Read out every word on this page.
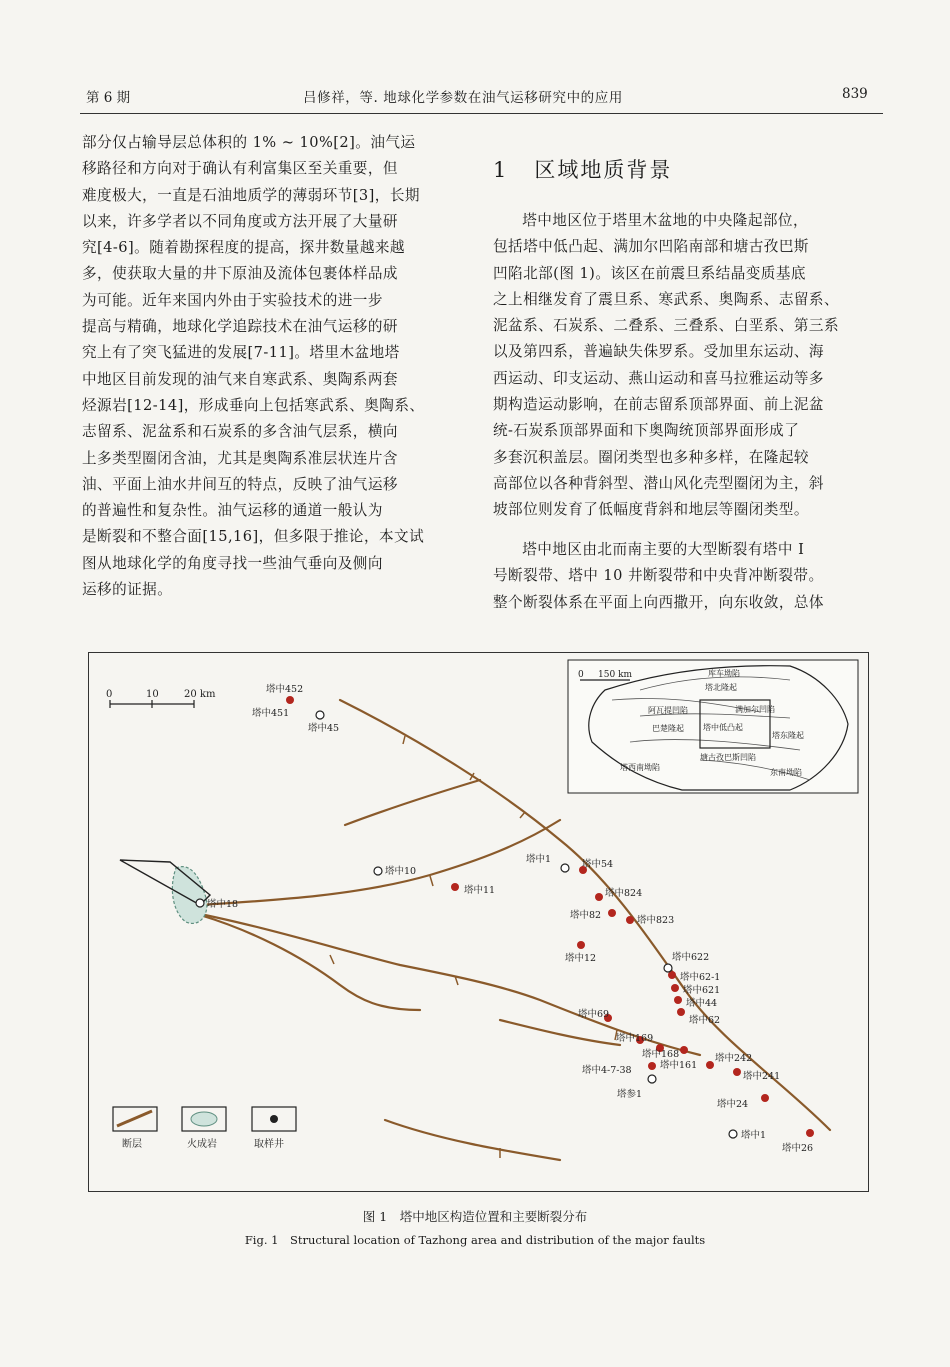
第 6 期	吕修祥，等. 地球化学参数在油气运移研究中的应用	839

部分仅占输导层总体积的 1% ~ 10%[2]。油气运

移路径和方向对于确认有利富集区至关重要，但

难度极大，一直是石油地质学的薄弱环节[3]，长期

以来，许多学者以不同角度或方法开展了大量研

究[4-6]。随着勘探程度的提高，探井数量越来越

多，使获取大量的井下原油及流体包裹体样品成

为可能。近年来国内外由于实验技术的进一步

提高与精确，地球化学追踪技术在油气运移的研

究上有了突飞猛进的发展[7-11]。塔里木盆地塔

中地区目前发现的油气来自寒武系、奥陶系两套

烃源岩[12-14]，形成垂向上包括寒武系、奥陶系、

志留系、泥盆系和石炭系的多含油气层系，横向

上多类型圈闭含油，尤其是奥陶系准层状连片含

油、平面上油水井间互的特点，反映了油气运移

的普遍性和复杂性。油气运移的通道一般认为

是断裂和不整合面[15,16]，但多限于推论，本文试

图从地球化学的角度寻找一些油气垂向及侧向

运移的证据。

1 区域地质背景

塔中地区位于塔里木盆地的中央隆起部位，

包括塔中低凸起、满加尔凹陷南部和塘古孜巴斯

凹陷北部(图 1)。该区在前震旦系结晶变质基底

之上相继发育了震旦系、寒武系、奥陶系、志留系、

泥盆系、石炭系、二叠系、三叠系、白垩系、第三系

以及第四系，普遍缺失侏罗系。受加里东运动、海

西运动、印支运动、燕山运动和喜马拉雅运动等多

期构造运动影响，在前志留系顶部界面、前上泥盆

统-石炭系顶部界面和下奥陶统顶部界面形成了

多套沉积盖层。圈闭类型也多种多样，在隆起较

高部位以各种背斜型、潜山风化壳型圈闭为主，斜

坡部位则发育了低幅度背斜和地层等圈闭类型。

塔中地区由北而南主要的大型断裂有塔中 I

号断裂带、塔中 10 井断裂带和中央背冲断裂带。

整个断裂体系在平面上向西撒开，向东收敛，总体

0	10	20 km
0     150 km	库车坳陷
塔北隆起
阿瓦提凹陷	满加尔凹陷
巴楚隆起 塔中低凸起
塘古孜巴斯凹陷
塔东隆起
东南坳陷
塔西南坳陷
塔中452
塔中451
塔中45
塔中10
塔中11
塔中18
塔中1	塔中54
塔中824
塔中82	塔中823
塔中12	塔中622
塔中62-1
塔中621
塔中44
塔中62
塔中69
塔中169
塔中168
塔中161
塔中4-7-38
塔参1
塔中242
塔中241
塔中24
塔中1
塔中26
断层	火成岩	取样井
图 1　塔中地区构造位置和主要断裂分布
Fig. 1　Structural location of Tazhong area and distribution of the major faults
